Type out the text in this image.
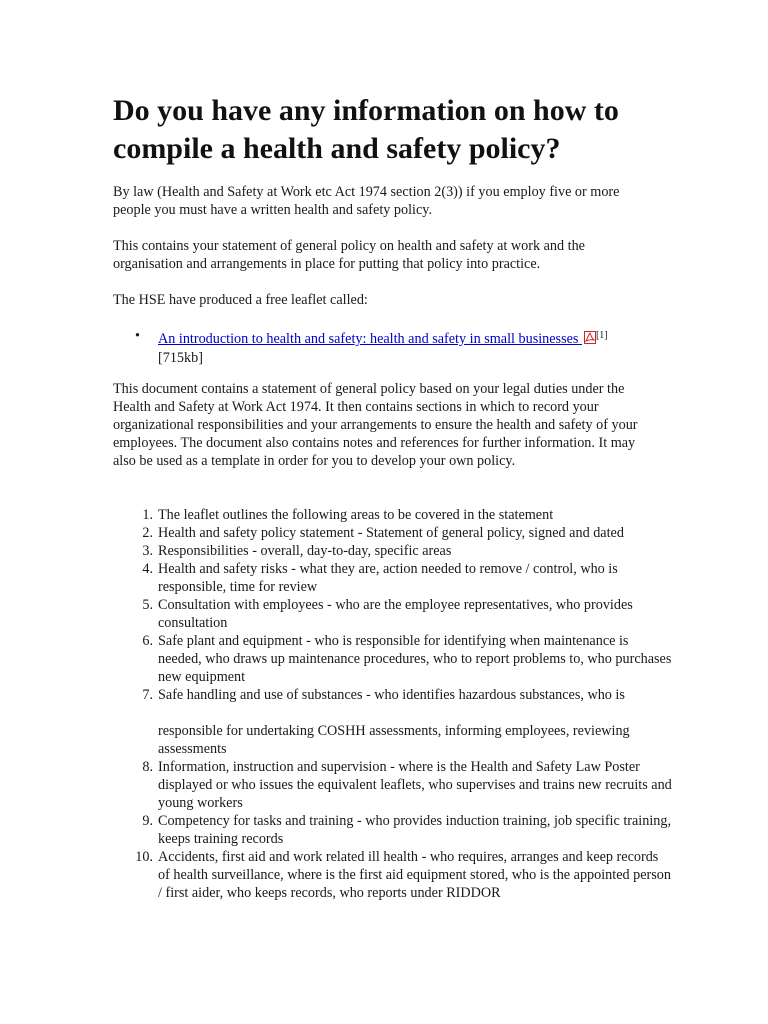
Do you have any information on how to compile a health and safety policy?

By law (Health and Safety at Work etc Act 1974 section 2(3)) if you employ five or more people you must have a written health and safety policy.

This contains your statement of general policy on health and safety at work and the organisation and arrangements in place for putting that policy into practice.

The HSE have produced a free leaflet called:

• An introduction to health and safety: health and safety in small businesses [1]
[715kb]

This document contains a statement of general policy based on your legal duties under the Health and Safety at Work Act 1974. It then contains sections in which to record your organizational responsibilities and your arrangements to ensure the health and safety of your employees. The document also contains notes and references for further information. It may also be used as a template in order for you to develop your own policy.

1. The leaflet outlines the following areas to be covered in the statement
2. Health and safety policy statement - Statement of general policy, signed and dated
3. Responsibilities - overall, day-to-day, specific areas
4. Health and safety risks - what they are, action needed to remove / control, who is responsible, time for review
5. Consultation with employees - who are the employee representatives, who provides consultation
6. Safe plant and equipment - who is responsible for identifying when maintenance is needed, who draws up maintenance procedures, who to report problems to, who purchases new equipment
7. Safe handling and use of substances - who identifies hazardous substances, who is
responsible for undertaking COSHH assessments, informing employees, reviewing assessments
8. Information, instruction and supervision - where is the Health and Safety Law Poster displayed or who issues the equivalent leaflets, who supervises and trains new recruits and young workers
9. Competency for tasks and training - who provides induction training, job specific training, keeps training records
10. Accidents, first aid and work related ill health - who requires, arranges and keep records of health surveillance, where is the first aid equipment stored, who is the appointed person / first aider, who keeps records, who reports under RIDDOR
